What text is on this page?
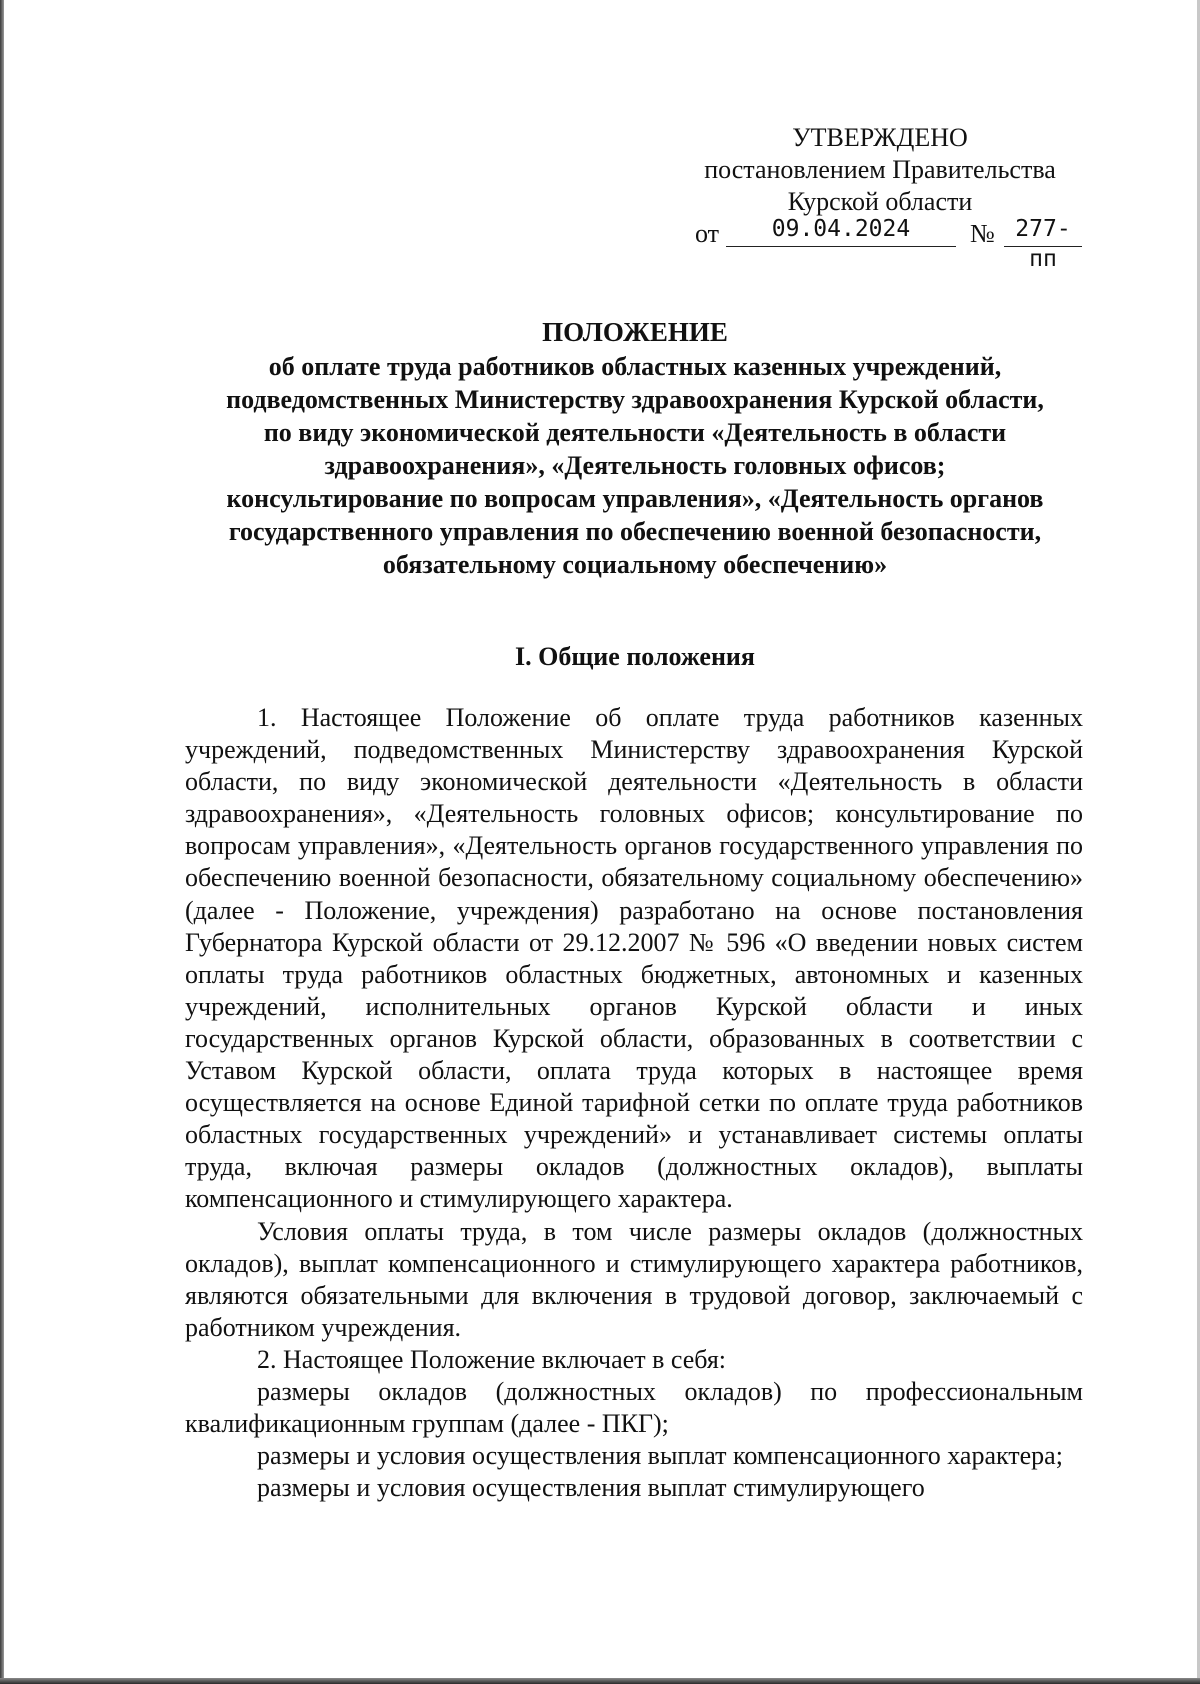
УТВЕРЖДЕНО
постановлением Правительства
Курской области
от	09.04.2024	№ 277-пп
ПОЛОЖЕНИЕ
об оплате труда работников областных казенных учреждений,
подведомственных Министерству здравоохранения Курской области,
по виду экономической деятельности «Деятельность в области
здравоохранения», «Деятельность головных офисов;
консультирование по вопросам управления», «Деятельность органов
государственного управления по обеспечению военной безопасности,
обязательному социальному обеспечению»
I. Общие положения

1. Настоящее Положение об оплате труда работников казенных учреждений, подведомственных Министерству здравоохранения Курской области, по виду экономической деятельности «Деятельность в области здравоохранения», «Деятельность головных офисов; консультирование по вопросам управления», «Деятельность органов государственного управления по обеспечению военной безопасности, обязательному социальному обеспечению» (далее - Положение, учреждения) разработано на основе постановления Губернатора Курской области от 29.12.2007 № 596 «О введении новых систем оплаты труда работников областных бюджетных, автономных и казенных учреждений, исполнительных органов Курской области и иных государственных органов Курской области, образованных в соответствии с Уставом Курской области, оплата труда которых в настоящее время осуществляется на основе Единой тарифной сетки по оплате труда работников областных государственных учреждений» и устанавливает системы оплаты труда, включая размеры окладов (должностных окладов), выплаты компенсационного и стимулирующего характера.

Условия оплаты труда, в том числе размеры окладов (должностных окладов), выплат компенсационного и стимулирующего характера работников, являются обязательными для включения в трудовой договор, заключаемый с работником учреждения.

2. Настоящее Положение включает в себя:

размеры окладов (должностных окладов) по профессиональным квалификационным группам (далее - ПКГ);

размеры и условия осуществления выплат компенсационного характера;

размеры и условия осуществления выплат стимулирующего
